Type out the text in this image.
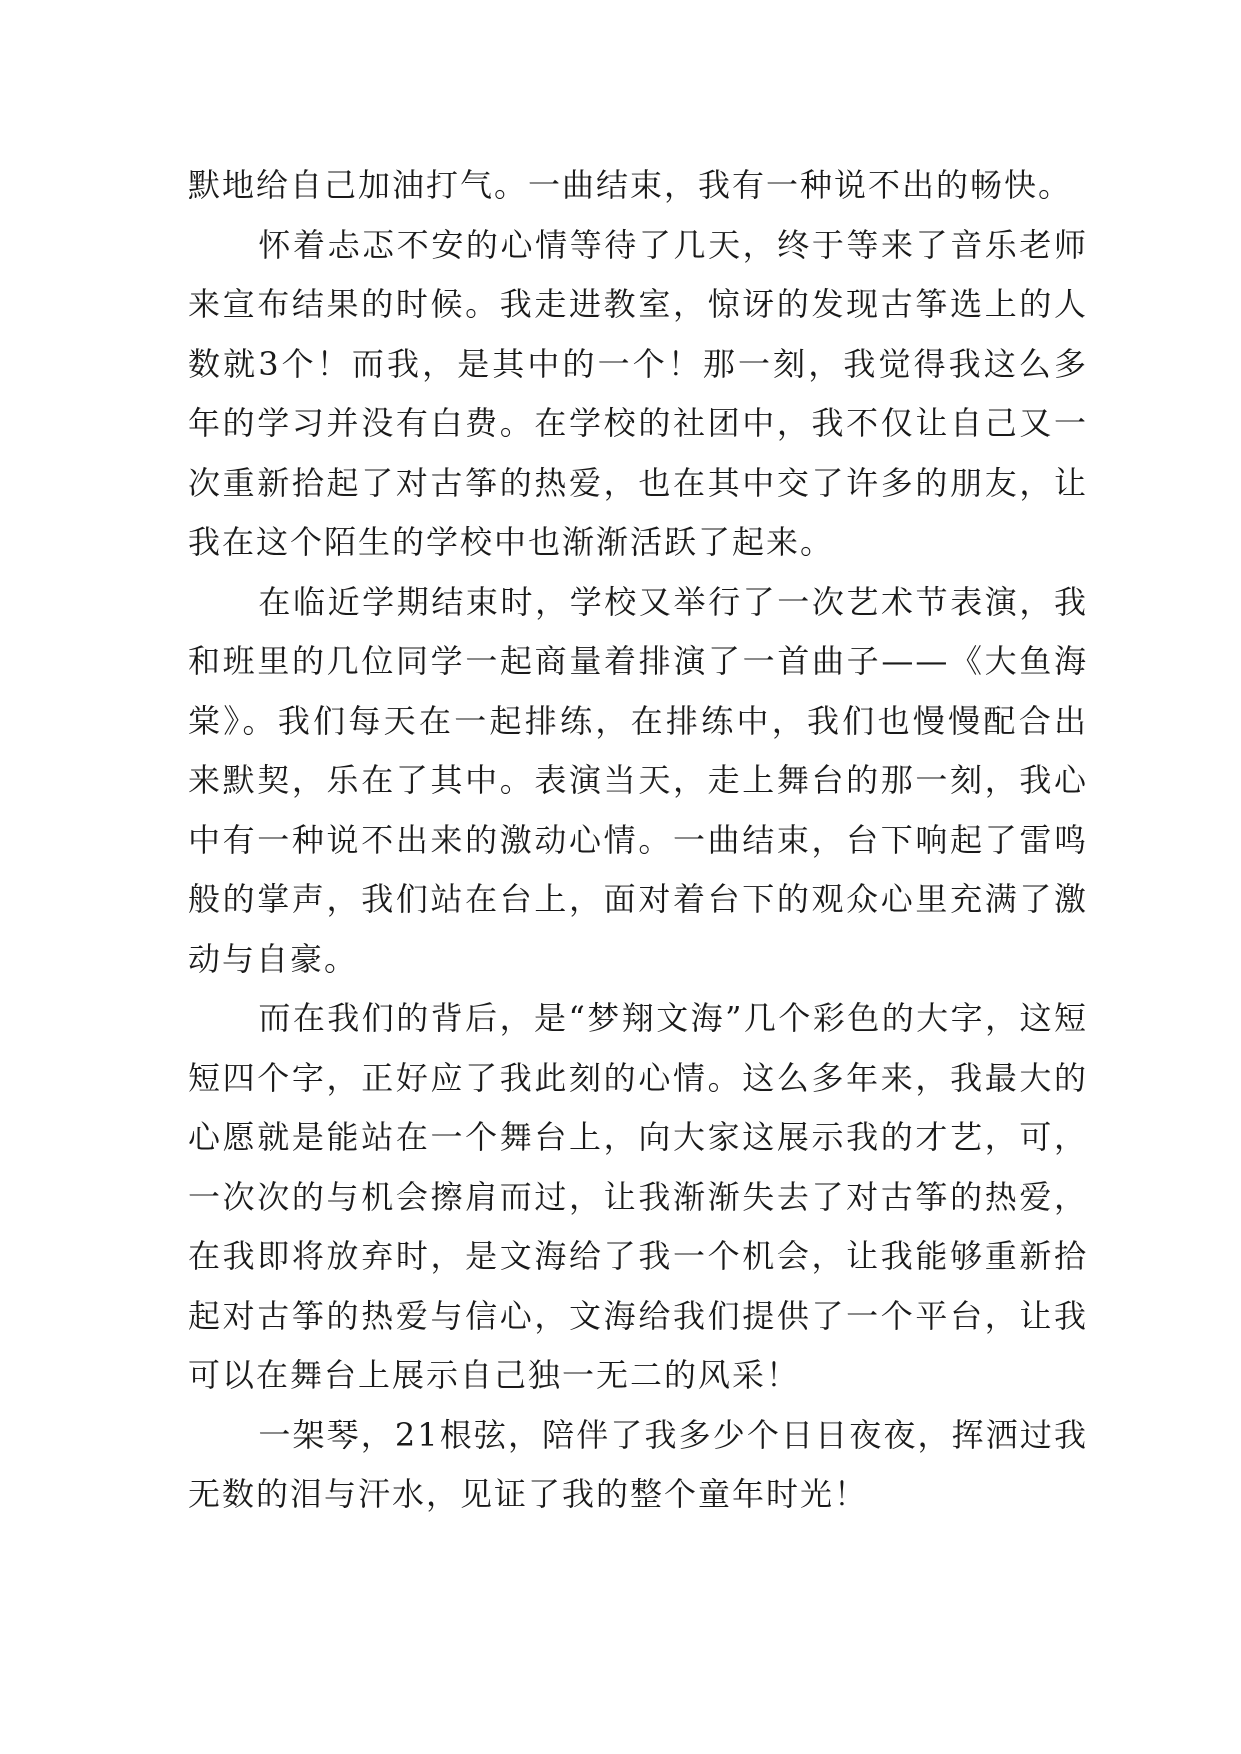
默地给自己加油打气。一曲结束，我有一种说不出的畅快。

怀着忐忑不安的心情等待了几天，终于等来了音乐老师来宣布结果的时候。我走进教室，惊讶的发现古筝选上的人数就3个！而我，是其中的一个！那一刻，我觉得我这么多年的学习并没有白费。在学校的社团中，我不仅让自己又一次重新拾起了对古筝的热爱，也在其中交了许多的朋友，让我在这个陌生的学校中也渐渐活跃了起来。

在临近学期结束时，学校又举行了一次艺术节表演，我和班里的几位同学一起商量着排演了一首曲子——《大鱼海棠》。我们每天在一起排练，在排练中，我们也慢慢配合出来默契，乐在了其中。表演当天，走上舞台的那一刻，我心中有一种说不出来的激动心情。一曲结束，台下响起了雷鸣般的掌声，我们站在台上，面对着台下的观众心里充满了激动与自豪。

而在我们的背后，是“梦翔文海”几个彩色的大字，这短短四个字，正好应了我此刻的心情。这么多年来，我最大的心愿就是能站在一个舞台上，向大家这展示我的才艺，可，一次次的与机会擦肩而过，让我渐渐失去了对古筝的热爱，在我即将放弃时，是文海给了我一个机会，让我能够重新拾起对古筝的热爱与信心，文海给我们提供了一个平台，让我可以在舞台上展示自己独一无二的风采！

一架琴，21根弦，陪伴了我多少个日日夜夜，挥洒过我无数的泪与汗水，见证了我的整个童年时光！
